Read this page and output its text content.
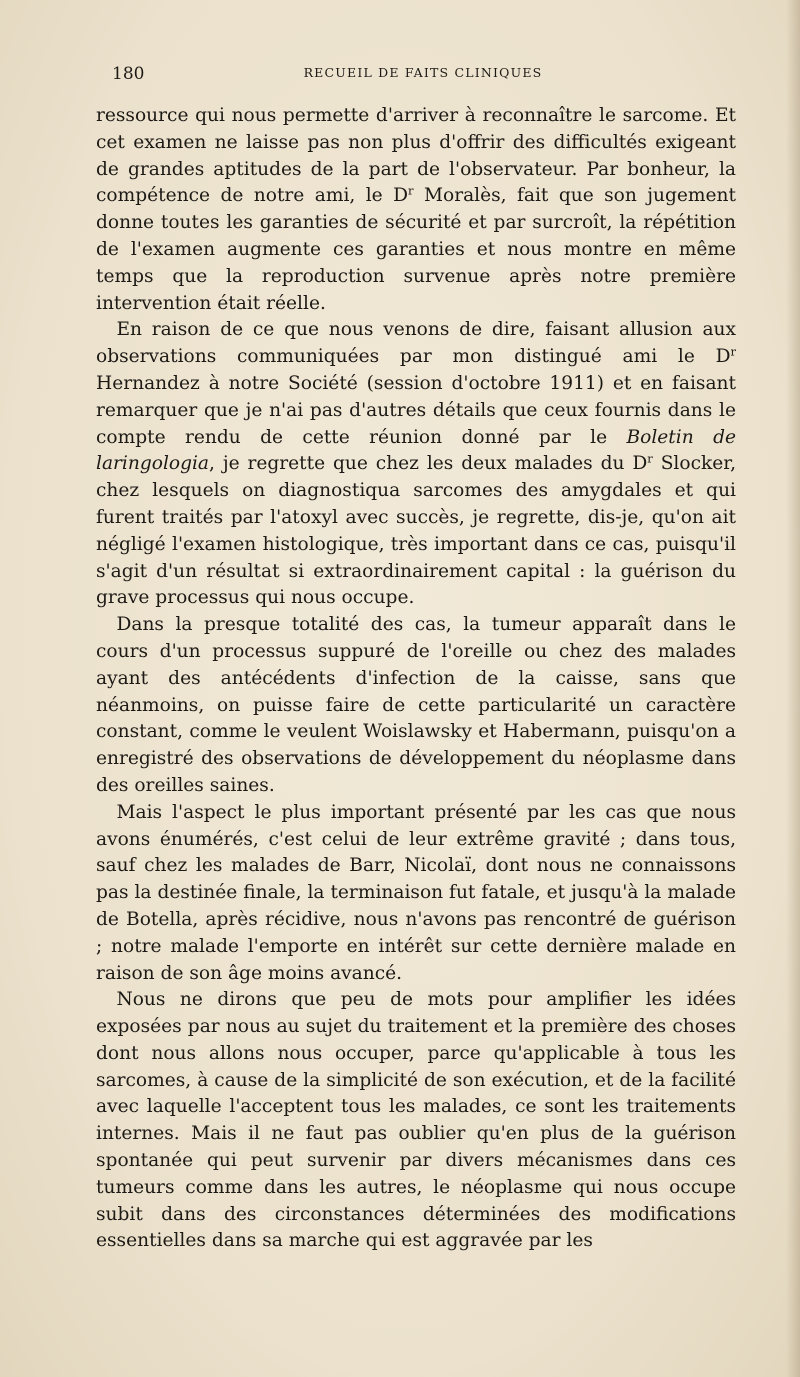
180	RECUEIL DE FAITS CLINIQUES

ressource qui nous permette d'arriver à reconnaître le sarcome. Et cet examen ne laisse pas non plus d'offrir des difficultés exigeant de grandes aptitudes de la part de l'observateur. Par bonheur, la compétence de notre ami, le $D^r$ Moralès, fait que son jugement donne toutes les garanties de sécurité et par surcroît, la répétition de l'examen augmente ces garanties et nous montre en même temps que la reproduction survenue après notre première intervention était réelle.

En raison de ce que nous venons de dire, faisant allusion aux observations communiquées par mon distingué ami le $D^r$ Hernandez à notre Société (session d'octobre 1911) et en faisant remarquer que je n'ai pas d'autres détails que ceux fournis dans le compte rendu de cette réunion donné par le Boletin de laringologia, je regrette que chez les deux malades du $D^r$ Slocker, chez lesquels on diagnostiqua sarcomes des amygdales et qui furent traités par l'atoxyl avec succès, je regrette, dis-je, qu'on ait négligé l'examen histologique, très important dans ce cas, puisqu'il s'agit d'un résultat si extraordinairement capital : la guérison du grave processus qui nous occupe.

Dans la presque totalité des cas, la tumeur apparaît dans le cours d'un processus suppuré de l'oreille ou chez des malades ayant des antécédents d'infection de la caisse, sans que néanmoins, on puisse faire de cette particularité un caractère constant, comme le veulent Woislawsky et Habermann, puisqu'on a enregistré des observations de développement du néoplasme dans des oreilles saines.

Mais l'aspect le plus important présenté par les cas que nous avons énumérés, c'est celui de leur extrême gravité ; dans tous, sauf chez les malades de Barr, Nicolaï, dont nous ne connaissons pas la destinée finale, la terminaison fut fatale, et jusqu'à la malade de Botella, après récidive, nous n'avons pas rencontré de guérison ; notre malade l'emporte en intérêt sur cette dernière malade en raison de son âge moins avancé.

Nous ne dirons que peu de mots pour amplifier les idées exposées par nous au sujet du traitement et la première des choses dont nous allons nous occuper, parce qu'applicable à tous les sarcomes, à cause de la simplicité de son exécution, et de la facilité avec laquelle l'acceptent tous les malades, ce sont les traitements internes. Mais il ne faut pas oublier qu'en plus de la guérison spontanée qui peut survenir par divers mécanismes dans ces tumeurs comme dans les autres, le néoplasme qui nous occupe subit dans des circonstances déterminées des modifications essentielles dans sa marche qui est aggravée par les
